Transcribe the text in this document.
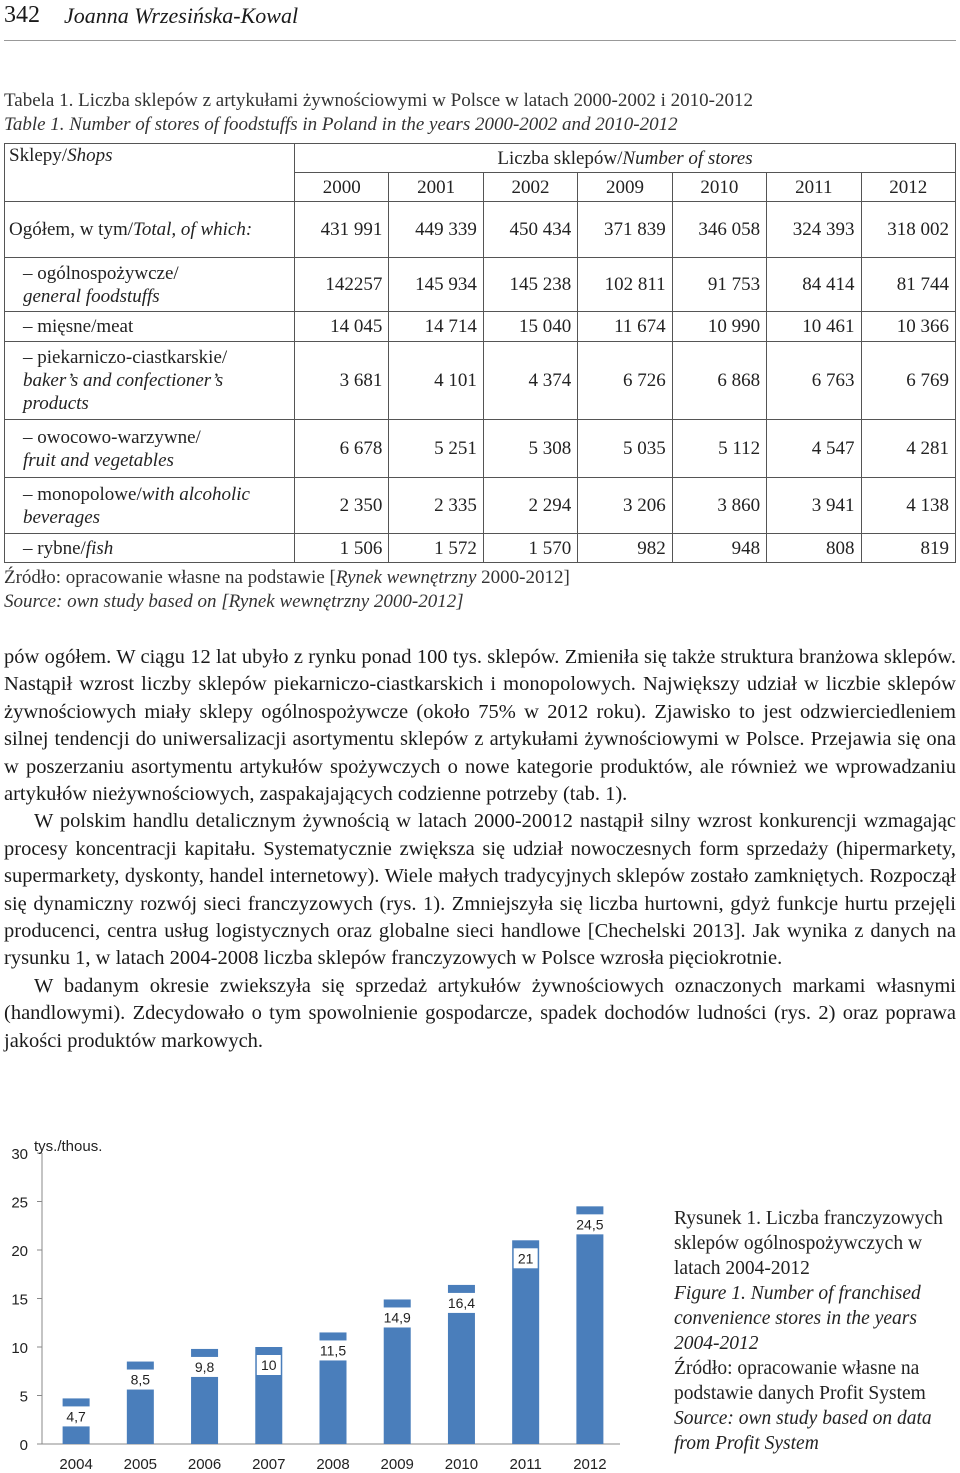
342 Joanna Wrzesińska-Kowal
Tabela 1. Liczba sklepów z artykułami żywnościowymi w Polsce w latach 2000-2002 i 2010-2012
Table 1. Number of stores of foodstuffs in Poland in the years 2000-2002 and 2010-2012
Sklepy/Shops	Liczba sklepów/Number of stores						
	2000	2001	2002	2009	2010	2011	2012
Ogółem, w tym/Total, of which:	431 991	449 339	450 434	371 839	346 058	324 393	318 002
– ogólnospożywcze/
general foodstuffs	142257	145 934	145 238	102 811	91 753	84 414	81 744
– mięsne/meat	14 045	14 714	15 040	11 674	10 990	10 461	10 366
– piekarniczo-ciastkarskie/
baker’s and confectioner’s products	3 681	4 101	4 374	6 726	6 868	6 763	6 769
– owocowo-warzywne/
fruit and vegetables	6 678	5 251	5 308	5 035	5 112	4 547	4 281
– monopolowe/with alcoholic beverages	2 350	2 335	2 294	3 206	3 860	3 941	4 138
– rybne/fish	1 506	1 572	1 570	982	948	808	819
Źródło: opracowanie własne na podstawie [Rynek wewnętrzny 2000-2012]
Source: own study based on [Rynek wewnętrzny 2000-2012]

pów ogółem. W ciągu 12 lat ubyło z rynku ponad 100 tys. sklepów. Zmieniła się także struktura branżowa sklepów. Nastąpił wzrost liczby sklepów piekarniczo-ciastkarskich i monopolowych. Największy udział w liczbie sklepów żywnościowych miały sklepy ogólnospożywcze (około 75% w 2012 roku). Zjawisko to jest odzwierciedleniem silnej tendencji do uniwersalizacji asortymentu sklepów z artykułami żywnościowymi w Polsce. Przejawia się ona w poszerzaniu asortymentu artykułów spożywczych o nowe kategorie produktów, ale również we wprowadzaniu artykułów nieżywnościowych, zaspakajających codzienne potrzeby (tab. 1).

W polskim handlu detalicznym żywnością w latach 2000-20012 nastąpił silny wzrost konkurencji wzmagając procesy koncentracji kapitału. Systematycznie zwiększa się udział nowoczesnych form sprzedaży (hipermarkety, supermarkety, dyskonty, handel internetowy). Wiele małych tradycyjnych sklepów zostało zamkniętych. Rozpoczął się dynamiczny rozwój sieci franczyzowych (rys. 1). Zmniejszyła się liczba hurtowni, gdyż funkcje hurtu przejęli producenci, centra usług logistycznych oraz globalne sieci handlowe [Chechelski 2013]. Jak wynika z danych na rysunku 1, w latach 2004-2008 liczba sklepów franczyzowych w Polsce wzrosła pięciokrotnie.

W badanym okresie zwiekszyła się sprzedaż artykułów żywnościowych oznaczonych markami własnymi (handlowymi). Zdecydowało o tym spowolnienie gospodarcze, spadek dochodów ludności (rys. 2) oraz poprawa jakości produktów markowych.

0
5
10
15
20
25
30 tys./thous.
4,7
2004
8,5
2005
9,8
2006
10
2007
11,5
2008
14,9
2009
16,4
2010
21
2011
24,5
2012
Rysunek 1. Liczba franczyzowych sklepów ogólnospożywczych w latach 2004-2012
Figure 1. Number of franchised convenience stores in the years 2004-2012
Źródło: opracowanie własne na podstawie danych Profit System
Source: own study based on data from Profit System
